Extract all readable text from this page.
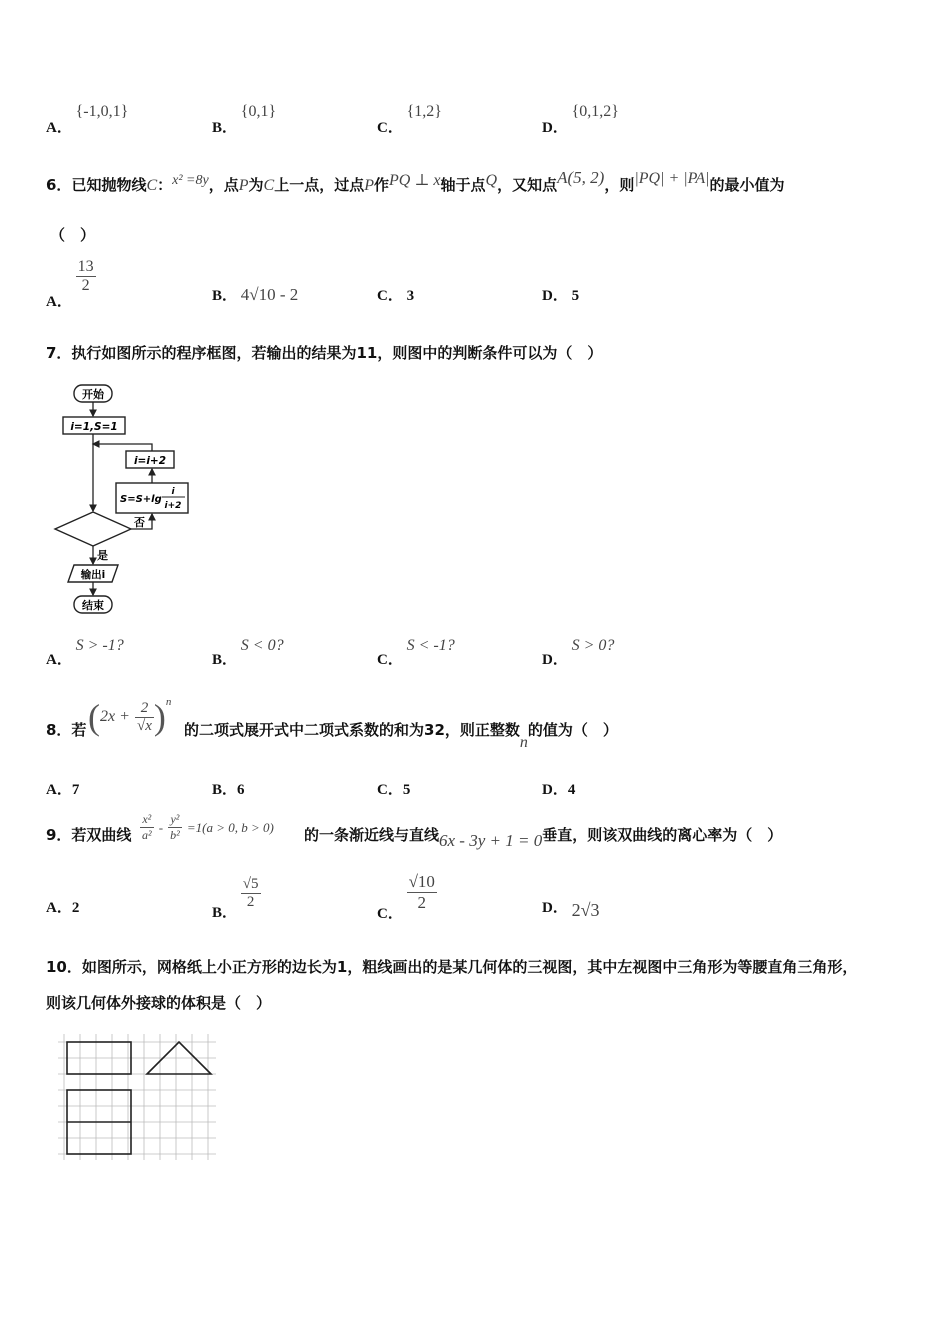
A． {-1,0,1}
B． {0,1}
C． {1,2}
D． {0,1,2}
6．已知抛物线C：x² =8y，点P为C上一点，过点P作PQ ⊥ x轴于点Q，又知点A(5, 2)，则|PQ| + |PA|的最小值为
（　）
A．
$\frac{13}{2}$
B． 4√10 - 2	C． 3	D． 5
7．执行如图所示的程序框图，若输出的结果为11，则图中的判断条件可以为（　）
开始
i=1,S=1
i=i+2
S=S+lg
i
i+2
否
是
输出i
结束
A． S > -1?
B． S < 0?
C． S < -1?
D． S > 0?
8．若 $(2x + \frac{2}{√x} )^n$
的二项式展开式中二项式系数的和为32，则正整数n的值为（　）
A．7	B．6	C．5	D．4
9．若双曲线 $\frac{\text{x²}}{\text{a²}} - \frac{\text{y²}}{\text{b²}} =1(a > 0$, b > 0) 的一条渐近线与直线6x - 3y + 1 = 0垂直，则该双曲线的离心率为（　）
A．2	B．
$\frac{√5}{2}$
C．
$\frac{√10}{2}$	D． 2√3
10．如图所示，网格纸上小正方形的边长为1，粗线画出的是某几何体的三视图，其中左视图中三角形为等腰直角三角形，
则该几何体外接球的体积是（　）
